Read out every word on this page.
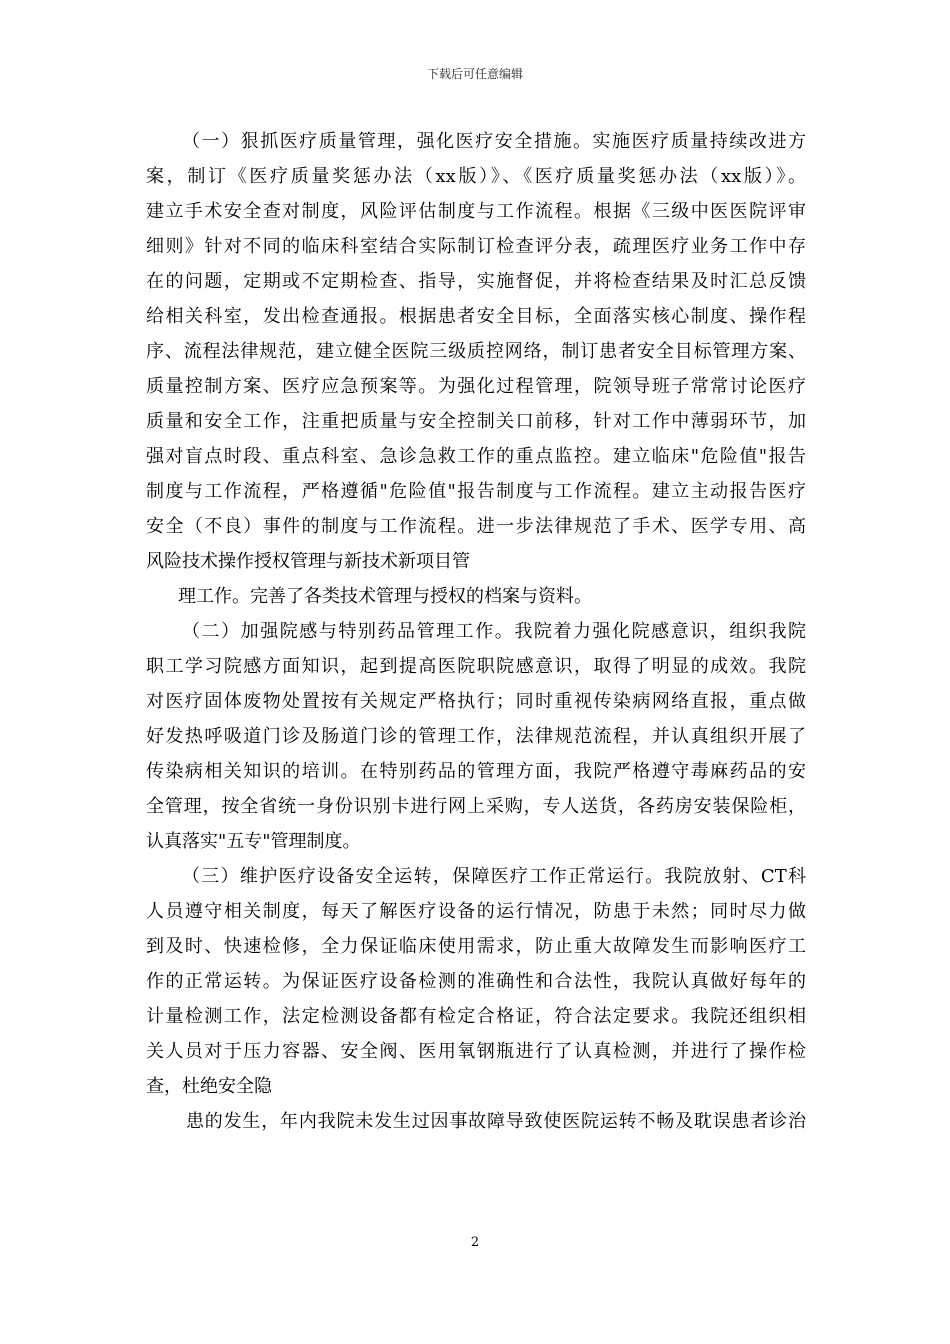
下载后可任意编辑
（一）狠抓医疗质量管理，强化医疗安全措施。实施医疗质量持续改进方
案，制订《医疗质量奖惩办法（xx版）》、《医疗质量奖惩办法（xx版）》。
建立手术安全查对制度，风险评估制度与工作流程。根据《三级中医医院评审
细则》针对不同的临床科室结合实际制订检查评分表，疏理医疗业务工作中存
在的问题，定期或不定期检查、指导，实施督促，并将检查结果及时汇总反馈
给相关科室，发出检查通报。根据患者安全目标，全面落实核心制度、操作程
序、流程法律规范，建立健全医院三级质控网络，制订患者安全目标管理方案、
质量控制方案、医疗应急预案等。为强化过程管理，院领导班子常常讨论医疗
质量和安全工作，注重把质量与安全控制关口前移，针对工作中薄弱环节，加
强对盲点时段、重点科室、急诊急救工作的重点监控。建立临床"危险值"报告
制度与工作流程，严格遵循"危险值"报告制度与工作流程。建立主动报告医疗
安全（不良）事件的制度与工作流程。进一步法律规范了手术、医学专用、高
风险技术操作授权管理与新技术新项目管
理工作。完善了各类技术管理与授权的档案与资料。
（二）加强院感与特别药品管理工作。我院着力强化院感意识，组织我院
职工学习院感方面知识，起到提高医院职院感意识，取得了明显的成效。我院
对医疗固体废物处置按有关规定严格执行；同时重视传染病网络直报，重点做
好发热呼吸道门诊及肠道门诊的管理工作，法律规范流程，并认真组织开展了
传染病相关知识的培训。在特别药品的管理方面，我院严格遵守毒麻药品的安
全管理，按全省统一身份识别卡进行网上采购，专人送货，各药房安装保险柜，
认真落实"五专"管理制度。
（三）维护医疗设备安全运转，保障医疗工作正常运行。我院放射、CT科
人员遵守相关制度，每天了解医疗设备的运行情况，防患于未然；同时尽力做
到及时、快速检修，全力保证临床使用需求，防止重大故障发生而影响医疗工
作的正常运转。为保证医疗设备检测的准确性和合法性，我院认真做好每年的
计量检测工作，法定检测设备都有检定合格证，符合法定要求。我院还组织相
关人员对于压力容器、安全阀、医用氧钢瓶进行了认真检测，并进行了操作检
查，杜绝安全隐
患的发生，年内我院未发生过因事故障导致使医院运转不畅及耽误患者诊治
2
